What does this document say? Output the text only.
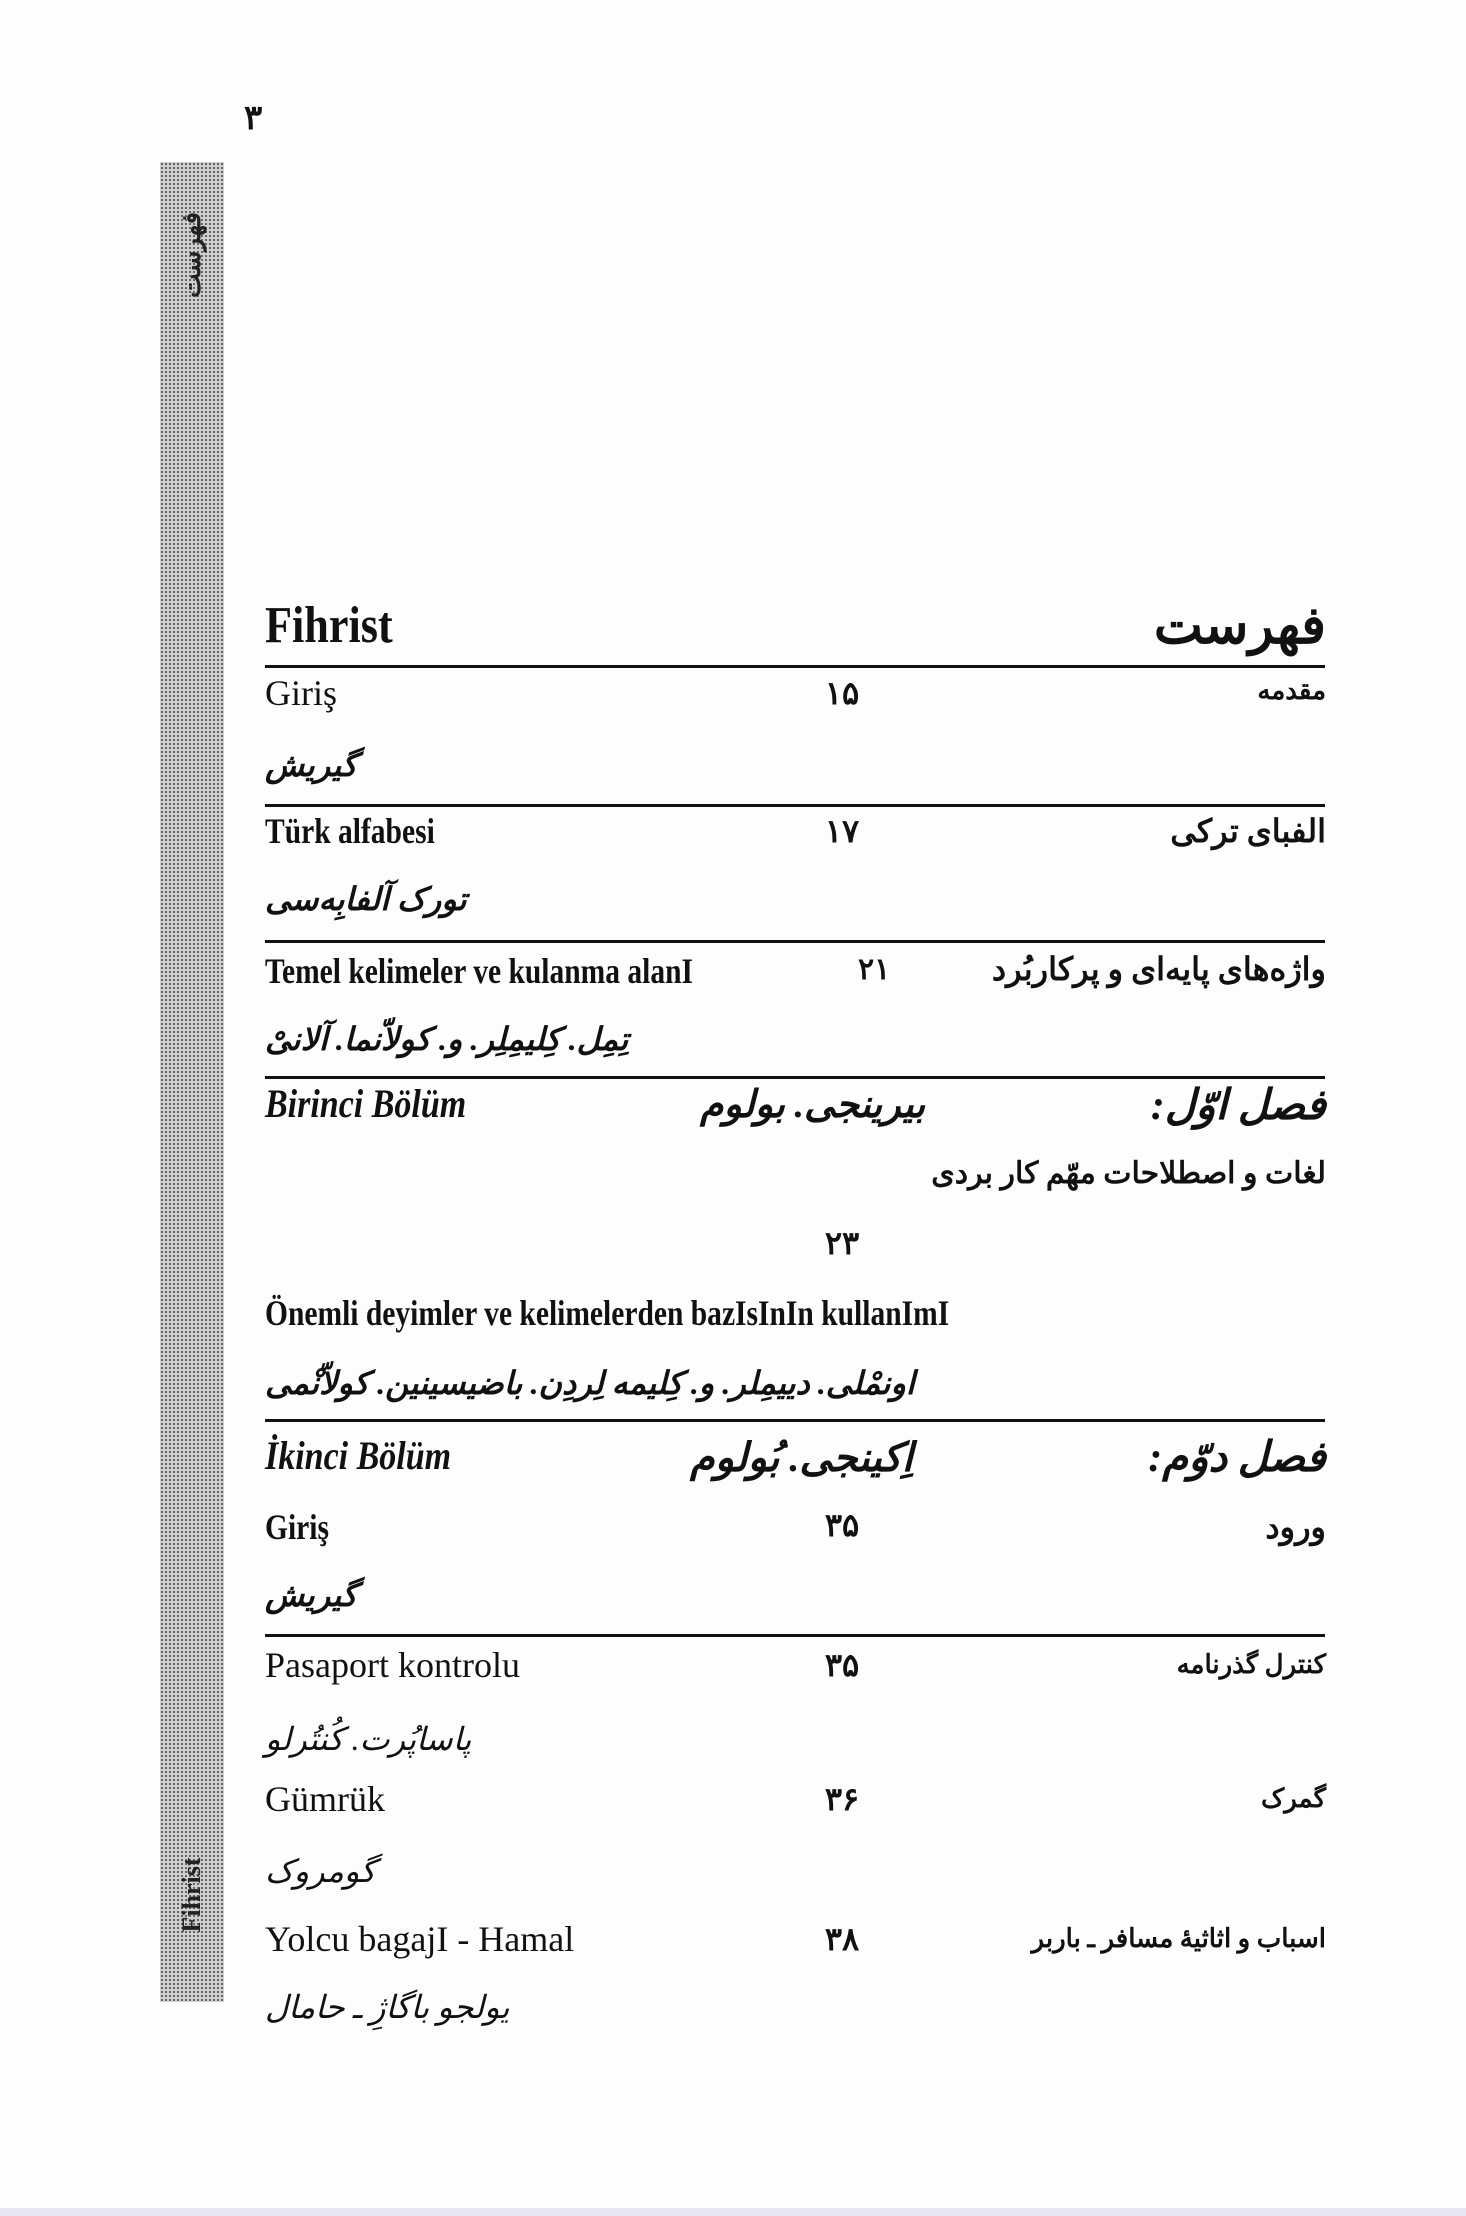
۳
فهرست
Fihrist
Fihrist	فهرست
Giriş	۱۵	مقدمه
گیریش
Türk alfabesi	۱۷	الفبای ترکی
تورک آلفابِه‌سی
Temel kelimeler ve kulanma alanI	۲۱	واژه‌های پایه‌ای و پرکاربُرد
تِمِل. کِلیمِلِر. و. کولاّنما. آلانیْ
Birinci Bölüm	بیرینجی. بولوم	فصل اوّل:
لغات و اصطلاحات مهّم کار بردی
۲۳
Önemli deyimler ve kelimelerden bazIsInIn kullanImI
اونمْلی. دییمِلر. و. کِلیمه لِردِن. باضیسینین. کولاّنْمی
İkinci Bölüm	اِکینجی. بُولوم	فصل دوّم:
Giriş	۳۵	ورود
گیریش
Pasaport kontrolu	۳۵	کنترل گذرنامه
پاساپُرت. کُنتُرلو
Gümrük	۳۶	گمرک
گومروک
Yolcu bagajI - Hamal	۳۸	اسباب و اثاثیهٔ مسافر ـ باربر
یولجو باگاژِ ـ حامال
